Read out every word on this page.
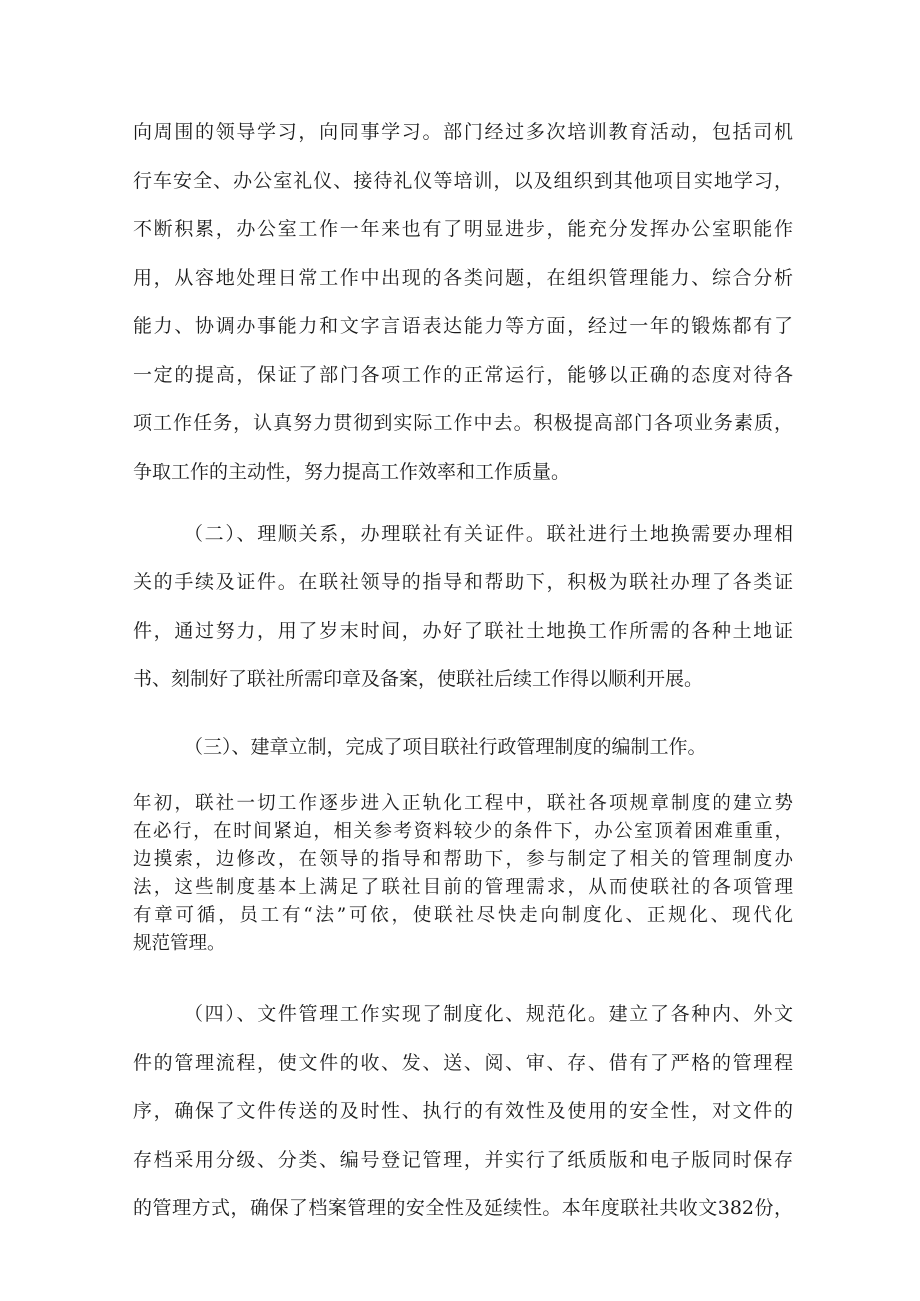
向周围的领导学习，向同事学习。部门经过多次培训教育活动，包括司机
行车安全、办公室礼仪、接待礼仪等培训，以及组织到其他项目实地学习，
不断积累，办公室工作一年来也有了明显进步，能充分发挥办公室职能作
用，从容地处理日常工作中出现的各类问题，在组织管理能力、综合分析
能力、协调办事能力和文字言语表达能力等方面，经过一年的锻炼都有了
一定的提高，保证了部门各项工作的正常运行，能够以正确的态度对待各
项工作任务，认真努力贯彻到实际工作中去。积极提高部门各项业务素质，
争取工作的主动性，努力提高工作效率和工作质量。
（二）、理顺关系，办理联社有关证件。联社进行土地换需要办理相
关的手续及证件。在联社领导的指导和帮助下，积极为联社办理了各类证
件，通过努力，用了岁末时间，办好了联社土地换工作所需的各种土地证
书、刻制好了联社所需印章及备案，使联社后续工作得以顺利开展。
（三）、建章立制，完成了项目联社行政管理制度的编制工作。
年初，联社一切工作逐步进入正轨化工程中，联社各项规章制度的建立势
在必行，在时间紧迫，相关参考资料较少的条件下，办公室顶着困难重重，
边摸索，边修改，在领导的指导和帮助下，参与制定了相关的管理制度办
法，这些制度基本上满足了联社目前的管理需求，从而使联社的各项管理
有章可循，员工有“法”可依，使联社尽快走向制度化、正规化、现代化
规范管理。
（四）、文件管理工作实现了制度化、规范化。建立了各种内、外文
件的管理流程，使文件的收、发、送、阅、审、存、借有了严格的管理程
序，确保了文件传送的及时性、执行的有效性及使用的安全性，对文件的
存档采用分级、分类、编号登记管理，并实行了纸质版和电子版同时保存
的管理方式，确保了档案管理的安全性及延续性。本年度联社共收文382份，
